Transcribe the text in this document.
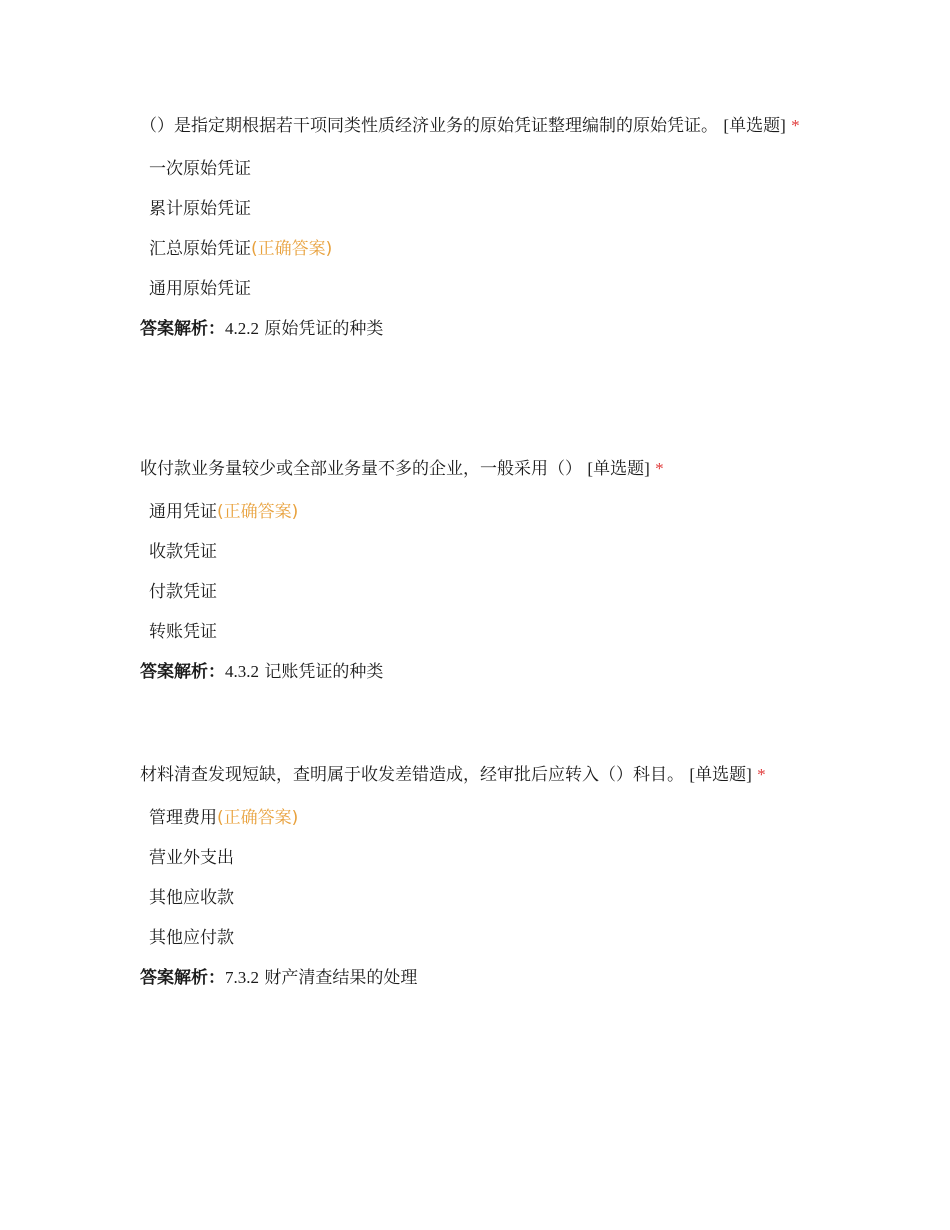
（）是指定期根据若干项同类性质经济业务的原始凭证整理编制的原始凭证。 [单选题] *

一次原始凭证
累计原始凭证
汇总原始凭证(正确答案)
通用原始凭证
答案解析：4.2.2 原始凭证的种类

收付款业务量较少或全部业务量不多的企业，一般采用（） [单选题] *

通用凭证(正确答案)
收款凭证
付款凭证
转账凭证
答案解析：4.3.2 记账凭证的种类

材料清查发现短缺，查明属于收发差错造成，经审批后应转入（）科目。 [单选题] *

管理费用(正确答案)
营业外支出
其他应收款
其他应付款
答案解析：7.3.2 财产清查结果的处理
